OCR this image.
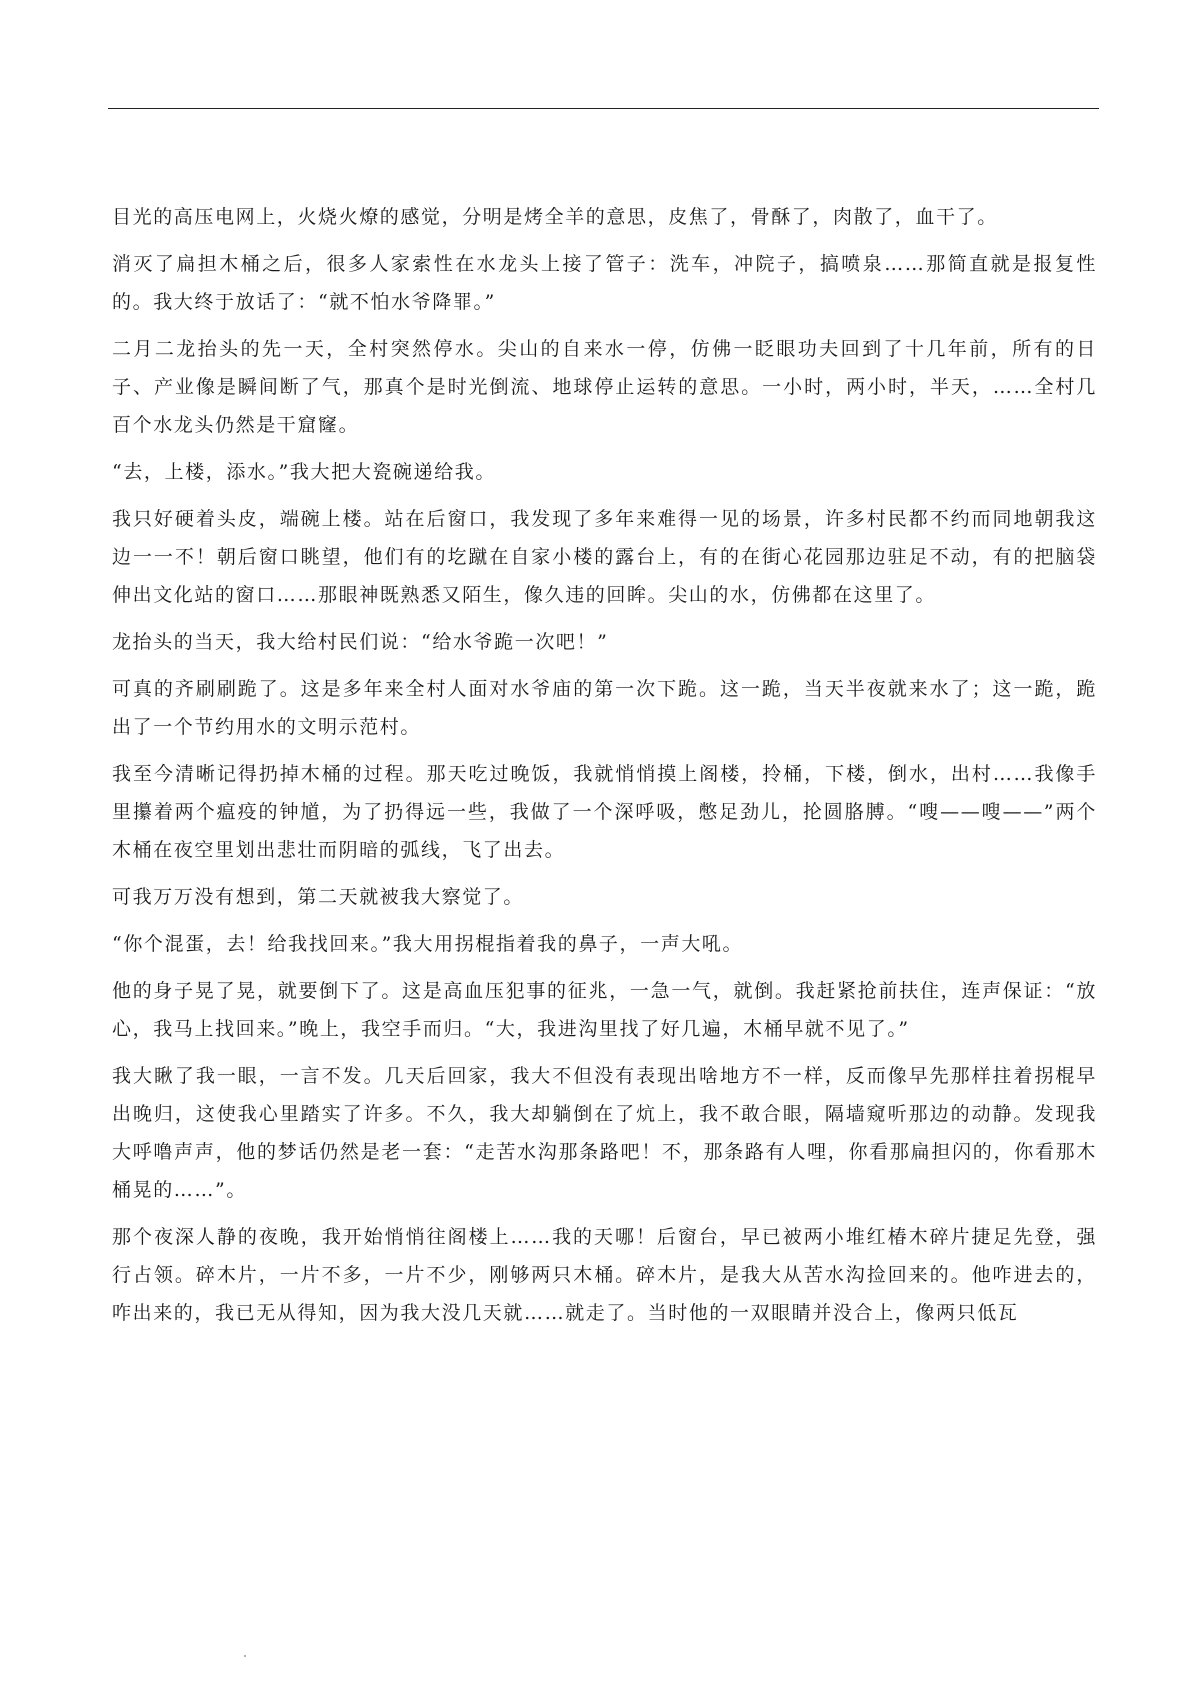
目光的高压电网上，火烧火燎的感觉，分明是烤全羊的意思，皮焦了，骨酥了，肉散了，血干了。

消灭了扁担木桶之后，很多人家索性在水龙头上接了管子：洗车，冲院子，搞喷泉……那简直就是报复性的。我大终于放话了：“就不怕水爷降罪。”

二月二龙抬头的先一天，全村突然停水。尖山的自来水一停，仿佛一眨眼功夫回到了十几年前，所有的日子、产业像是瞬间断了气，那真个是时光倒流、地球停止运转的意思。一小时，两小时，半天，……全村几百个水龙头仍然是干窟窿。

“去，上楼，添水。”我大把大瓷碗递给我。

我只好硬着头皮，端碗上楼。站在后窗口，我发现了多年来难得一见的场景，许多村民都不约而同地朝我这边一一不！朝后窗口眺望，他们有的圪蹴在自家小楼的露台上，有的在街心花园那边驻足不动，有的把脑袋伸出文化站的窗口……那眼神既熟悉又陌生，像久违的回眸。尖山的水，仿佛都在这里了。

龙抬头的当天，我大给村民们说：“给水爷跪一次吧！”

可真的齐刷刷跪了。这是多年来全村人面对水爷庙的第一次下跪。这一跪，当天半夜就来水了；这一跪，跪出了一个节约用水的文明示范村。

我至今清晰记得扔掉木桶的过程。那天吃过晚饭，我就悄悄摸上阁楼，拎桶，下楼，倒水，出村……我像手里攥着两个瘟疫的钟馗，为了扔得远一些，我做了一个深呼吸，憋足劲儿，抡圆胳膊。“嗖——嗖——”两个木桶在夜空里划出悲壮而阴暗的弧线，飞了出去。

可我万万没有想到，第二天就被我大察觉了。

“你个混蛋，去！给我找回来。”我大用拐棍指着我的鼻子，一声大吼。

他的身子晃了晃，就要倒下了。这是高血压犯事的征兆，一急一气，就倒。我赶紧抢前扶住，连声保证：“放心，我马上找回来。”晚上，我空手而归。“大，我进沟里找了好几遍，木桶早就不见了。”

我大瞅了我一眼，一言不发。几天后回家，我大不但没有表现出啥地方不一样，反而像早先那样拄着拐棍早出晚归，这使我心里踏实了许多。不久，我大却躺倒在了炕上，我不敢合眼，隔墙窥听那边的动静。发现我大呼噜声声，他的梦话仍然是老一套：“走苦水沟那条路吧！不，那条路有人哩，你看那扁担闪的，你看那木桶晃的……”。

那个夜深人静的夜晚，我开始悄悄往阁楼上……我的天哪！后窗台，早已被两小堆红椿木碎片捷足先登，强行占领。碎木片，一片不多，一片不少，刚够两只木桶。碎木片，是我大从苦水沟捡回来的。他咋进去的，咋出来的，我已无从得知，因为我大没几天就……就走了。当时他的一双眼睛并没合上，像两只低瓦
